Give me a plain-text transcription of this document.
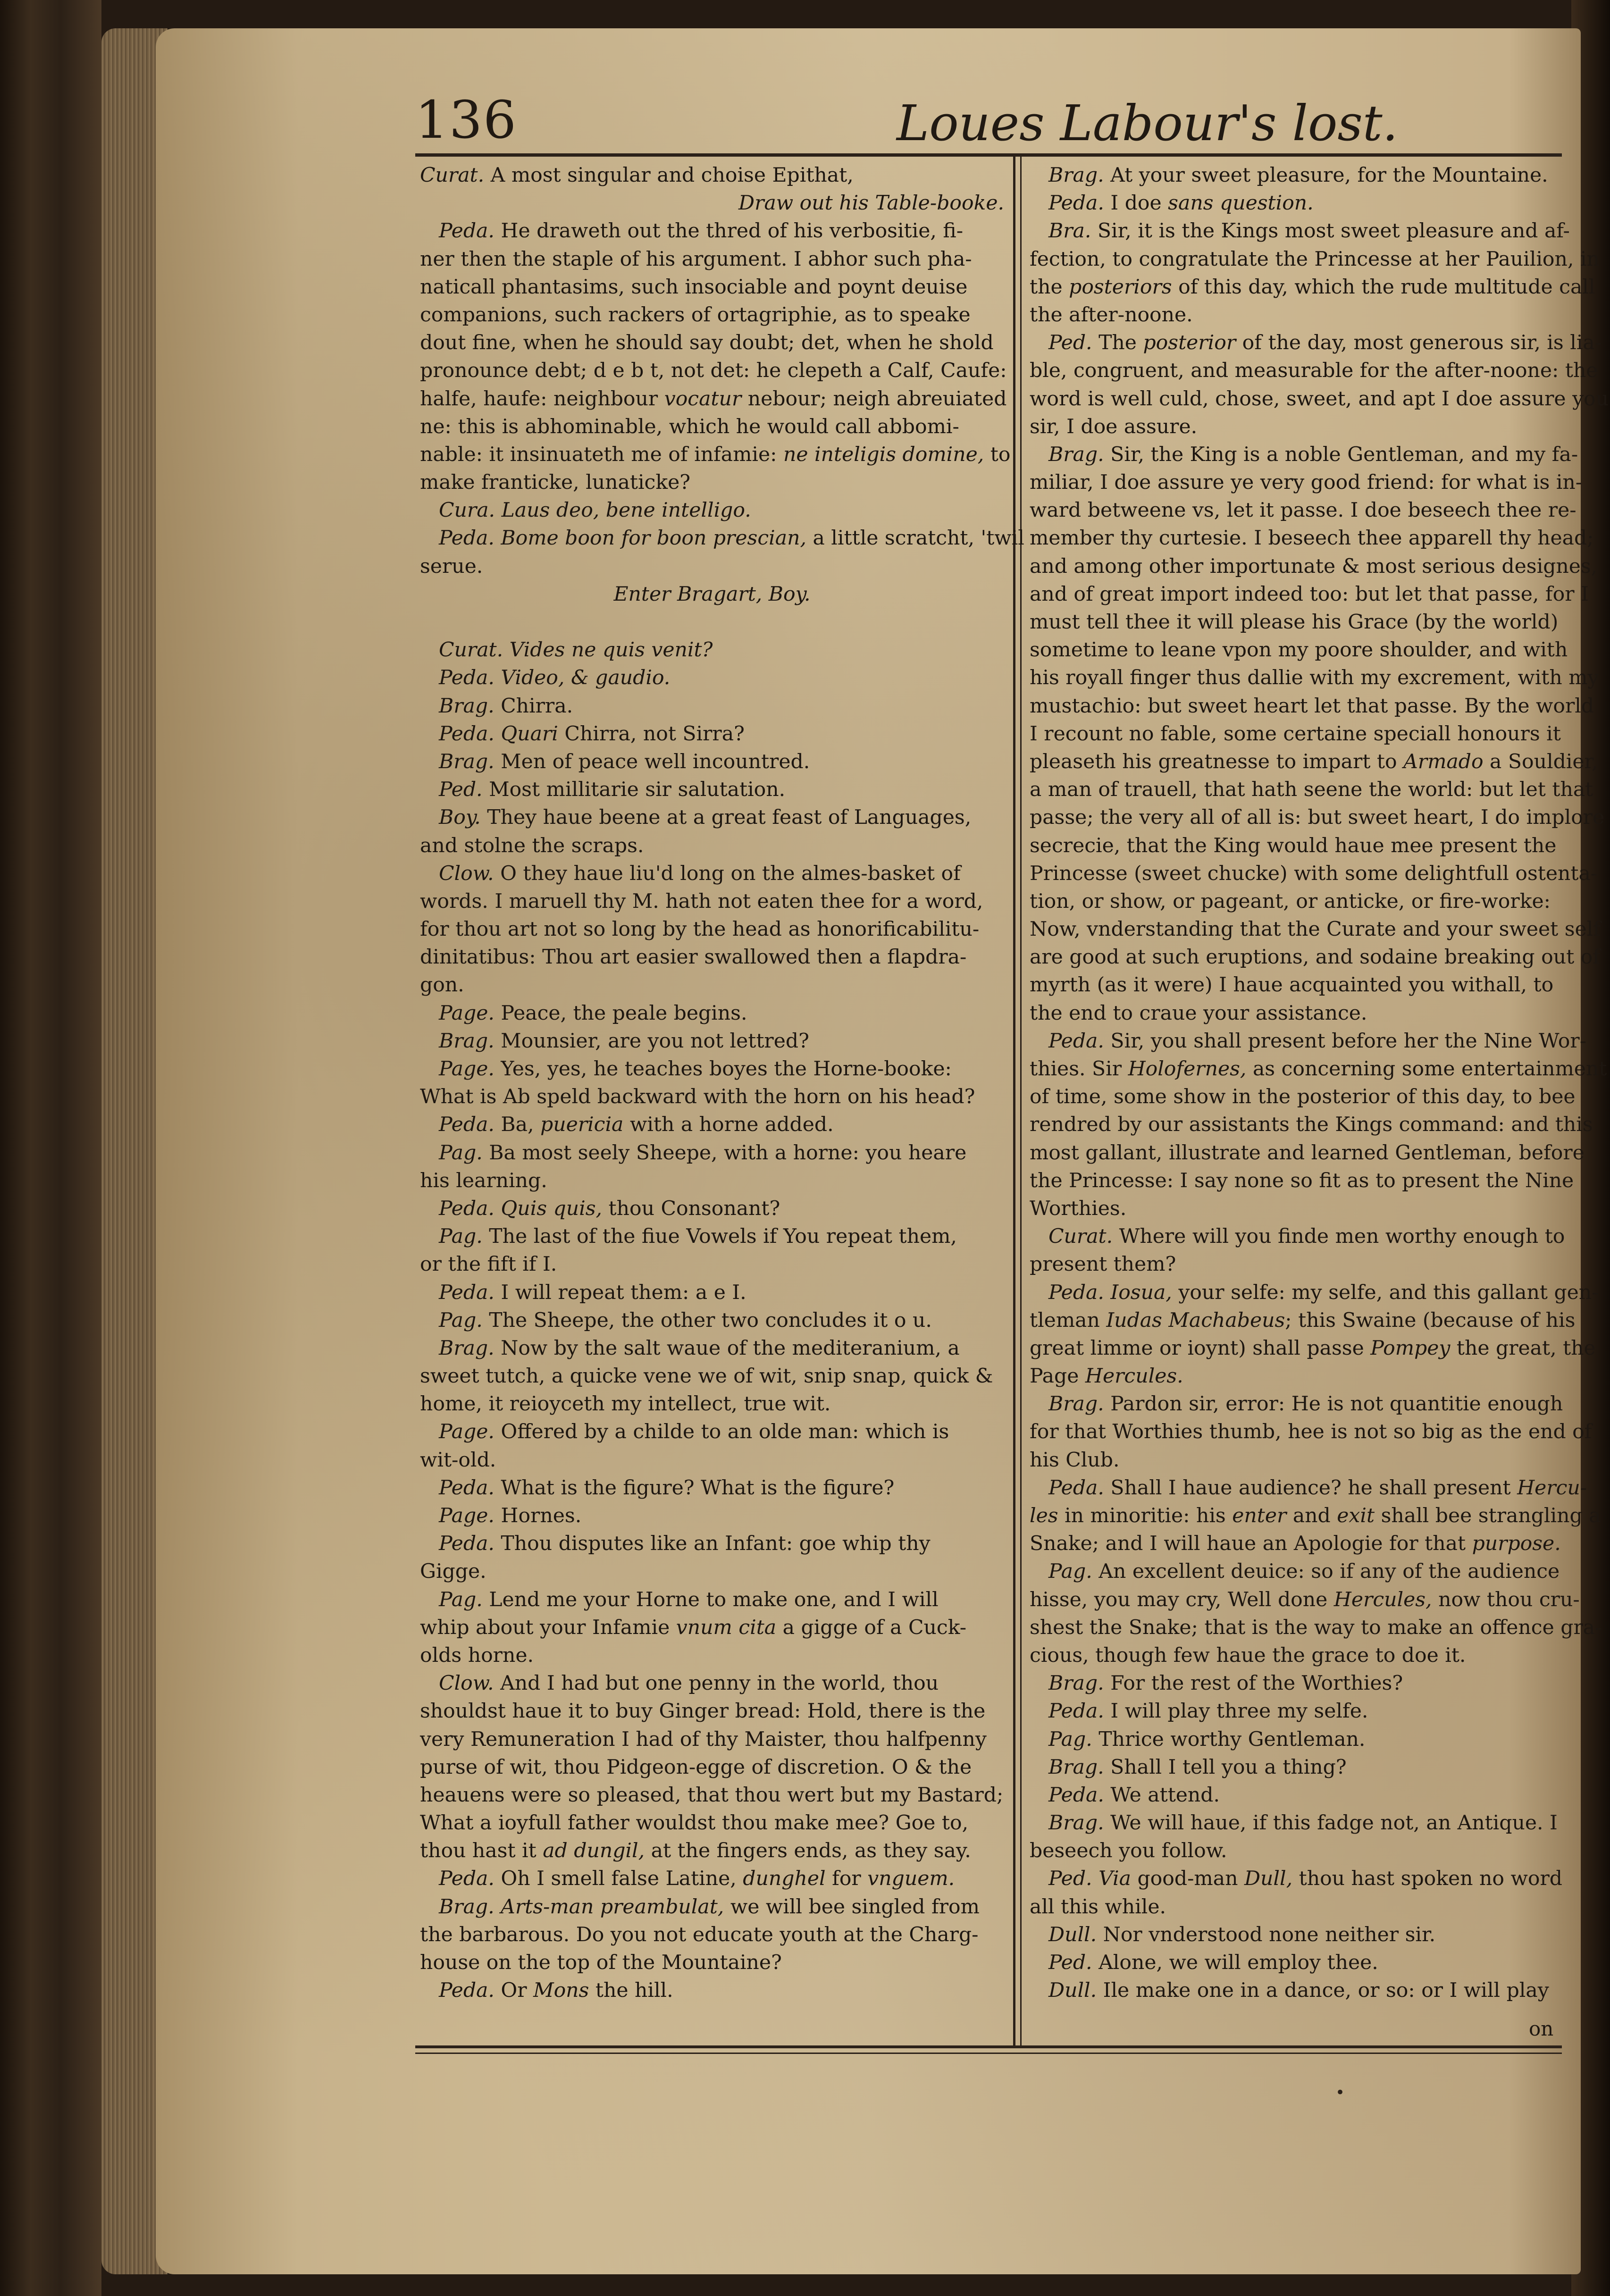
136	Loues Labour's lost.
Curat. A most singular and choise Epithat,
Draw out his Table-booke.
Peda. He draweth out the thred of his verbositie, fi-
ner then the staple of his argument. I abhor such pha-
naticall phantasims, such insociable and poynt deuise
companions, such rackers of ortagriphie, as to speake
dout fine, when he should say doubt; det, when he shold
pronounce debt; d e b t, not det: he clepeth a Calf, Caufe:
halfe, haufe: neighbour vocatur nebour; neigh abreuiated
ne: this is abhominable, which he would call abbomi-
nable: it insinuateth me of infamie: ne inteligis domine, to
make franticke, lunaticke?
Cura. Laus deo, bene intelligo.
Peda. Bome boon for boon prescian, a little scratcht, 'twil
serue.
Enter Bragart, Boy.
Curat. Vides ne quis venit?
Peda. Video, & gaudio.
Brag. Chirra.
Peda. Quari Chirra, not Sirra?
Brag. Men of peace well incountred.
Ped. Most millitarie sir salutation.
Boy. They haue beene at a great feast of Languages,
and stolne the scraps.
Clow. O they haue liu'd long on the almes-basket of
words. I maruell thy M. hath not eaten thee for a word,
for thou art not so long by the head as honorificabilitu-
dinitatibus: Thou art easier swallowed then a flapdra-
gon.
Page. Peace, the peale begins.
Brag. Mounsier, are you not lettred?
Page. Yes, yes, he teaches boyes the Horne-booke:
What is Ab speld backward with the horn on his head?
Peda. Ba, puericia with a horne added.
Pag. Ba most seely Sheepe, with a horne: you heare
his learning.
Peda. Quis quis, thou Consonant?
Pag. The last of the fiue Vowels if You repeat them,
or the fift if I.
Peda. I will repeat them: a e I.
Pag. The Sheepe, the other two concludes it o u.
Brag. Now by the salt waue of the mediteranium, a
sweet tutch, a quicke vene we of wit, snip snap, quick &
home, it reioyceth my intellect, true wit.
Page. Offered by a childe to an olde man: which is
wit-old.
Peda. What is the figure? What is the figure?
Page. Hornes.
Peda. Thou disputes like an Infant: goe whip thy
Gigge.
Pag. Lend me your Horne to make one, and I will
whip about your Infamie vnum cita a gigge of a Cuck-
olds horne.
Clow. And I had but one penny in the world, thou
shouldst haue it to buy Ginger bread: Hold, there is the
very Remuneration I had of thy Maister, thou halfpenny
purse of wit, thou Pidgeon-egge of discretion. O & the
heauens were so pleased, that thou wert but my Bastard;
What a ioyfull father wouldst thou make mee? Goe to,
thou hast it ad dungil, at the fingers ends, as they say.
Peda. Oh I smell false Latine, dunghel for vnguem.
Brag. Arts-man preambulat, we will bee singled from
the barbarous. Do you not educate youth at the Charg-
house on the top of the Mountaine?
Peda. Or Mons the hill.
Brag. At your sweet pleasure, for the Mountaine.
Peda. I doe sans question.
Bra. Sir, it is the Kings most sweet pleasure and af-
fection, to congratulate the Princesse at her Pauilion, in
the posteriors of this day, which the rude multitude call
the after-noone.
Ped. The posterior of the day, most generous sir, is lia-
ble, congruent, and measurable for the after-noone: the
word is well culd, chose, sweet, and apt I doe assure you
sir, I doe assure.
Brag. Sir, the King is a noble Gentleman, and my fa-
miliar, I doe assure ye very good friend: for what is in-
ward betweene vs, let it passe. I doe beseech thee re-
member thy curtesie. I beseech thee apparell thy head;
and among other importunate & most serious designes,
and of great import indeed too: but let that passe, for I
must tell thee it will please his Grace (by the world)
sometime to leane vpon my poore shoulder, and with
his royall finger thus dallie with my excrement, with my
mustachio: but sweet heart let that passe. By the world
I recount no fable, some certaine speciall honours it
pleaseth his greatnesse to impart to Armado a Souldier,
a man of trauell, that hath seene the world: but let that
passe; the very all of all is: but sweet heart, I do implore
secrecie, that the King would haue mee present the
Princesse (sweet chucke) with some delightfull ostenta-
tion, or show, or pageant, or anticke, or fire-worke:
Now, vnderstanding that the Curate and your sweet self
are good at such eruptions, and sodaine breaking out of
myrth (as it were) I haue acquainted you withall, to
the end to craue your assistance.
Peda. Sir, you shall present before her the Nine Wor-
thies. Sir Holofernes, as concerning some entertainment
of time, some show in the posterior of this day, to bee
rendred by our assistants the Kings command: and this
most gallant, illustrate and learned Gentleman, before
the Princesse: I say none so fit as to present the Nine
Worthies.
Curat. Where will you finde men worthy enough to
present them?
Peda. Iosua, your selfe: my selfe, and this gallant gen-
tleman Iudas Machabeus; this Swaine (because of his
great limme or ioynt) shall passe Pompey the great, the
Page Hercules.
Brag. Pardon sir, error: He is not quantitie enough
for that Worthies thumb, hee is not so big as the end of
his Club.
Peda. Shall I haue audience? he shall present Hercu-
les in minoritie: his enter and exit shall bee strangling a
Snake; and I will haue an Apologie for that purpose.
Pag. An excellent deuice: so if any of the audience
hisse, you may cry, Well done Hercules, now thou cru-
shest the Snake; that is the way to make an offence gra-
cious, though few haue the grace to doe it.
Brag. For the rest of the Worthies?
Peda. I will play three my selfe.
Pag. Thrice worthy Gentleman.
Brag. Shall I tell you a thing?
Peda. We attend.
Brag. We will haue, if this fadge not, an Antique. I
beseech you follow.
Ped. Via good-man Dull, thou hast spoken no word
all this while.
Dull. Nor vnderstood none neither sir.
Ped. Alone, we will employ thee.
Dull. Ile make one in a dance, or so: or I will play
on
•
